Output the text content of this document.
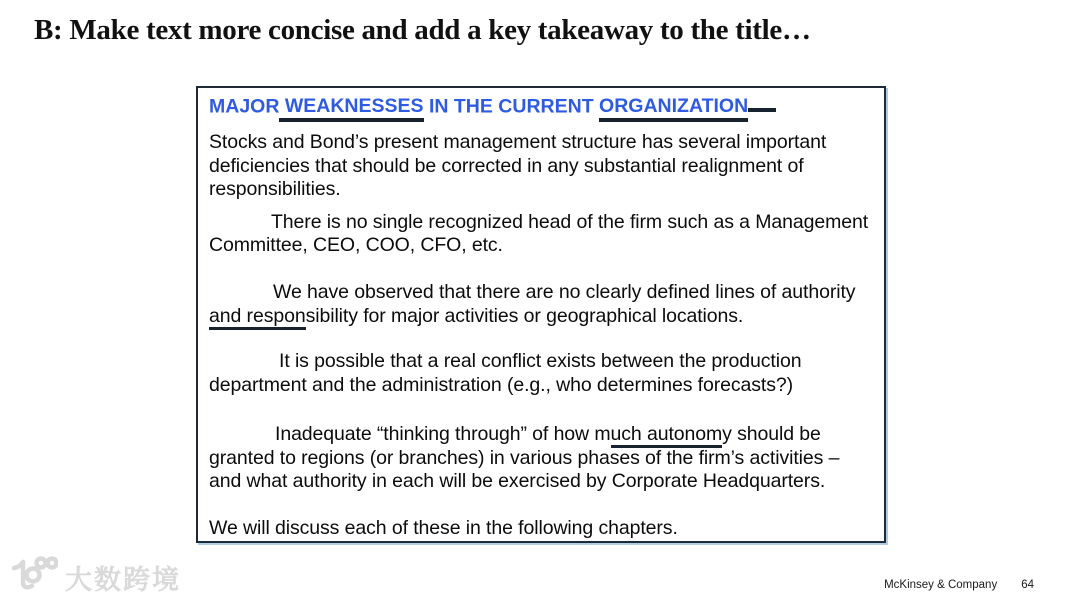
B: Make text more concise and add a key takeaway to the title…
MAJOR WEAKNESSES IN THE CURRENT ORGANIZATION

Stocks and Bond’s present management structure has several important
deficiencies that should be corrected in any substantial realignment of
responsibilities.

There is no single recognized head of the firm such as a Management
Committee, CEO, COO, CFO, etc.

We have observed that there are no clearly defined lines of authority
and responsibility for major activities or geographical locations.

It is possible that a real conflict exists between the production
department and the administration (e.g., who determines forecasts?)

Inadequate “thinking through” of how much autonomy should be
granted to regions (or branches) in various phases of the firm’s activities –
and what authority in each will be exercised by Corporate Headquarters.

We will discuss each of these in the following chapters.

大数跨境	McKinsey & Company 64
